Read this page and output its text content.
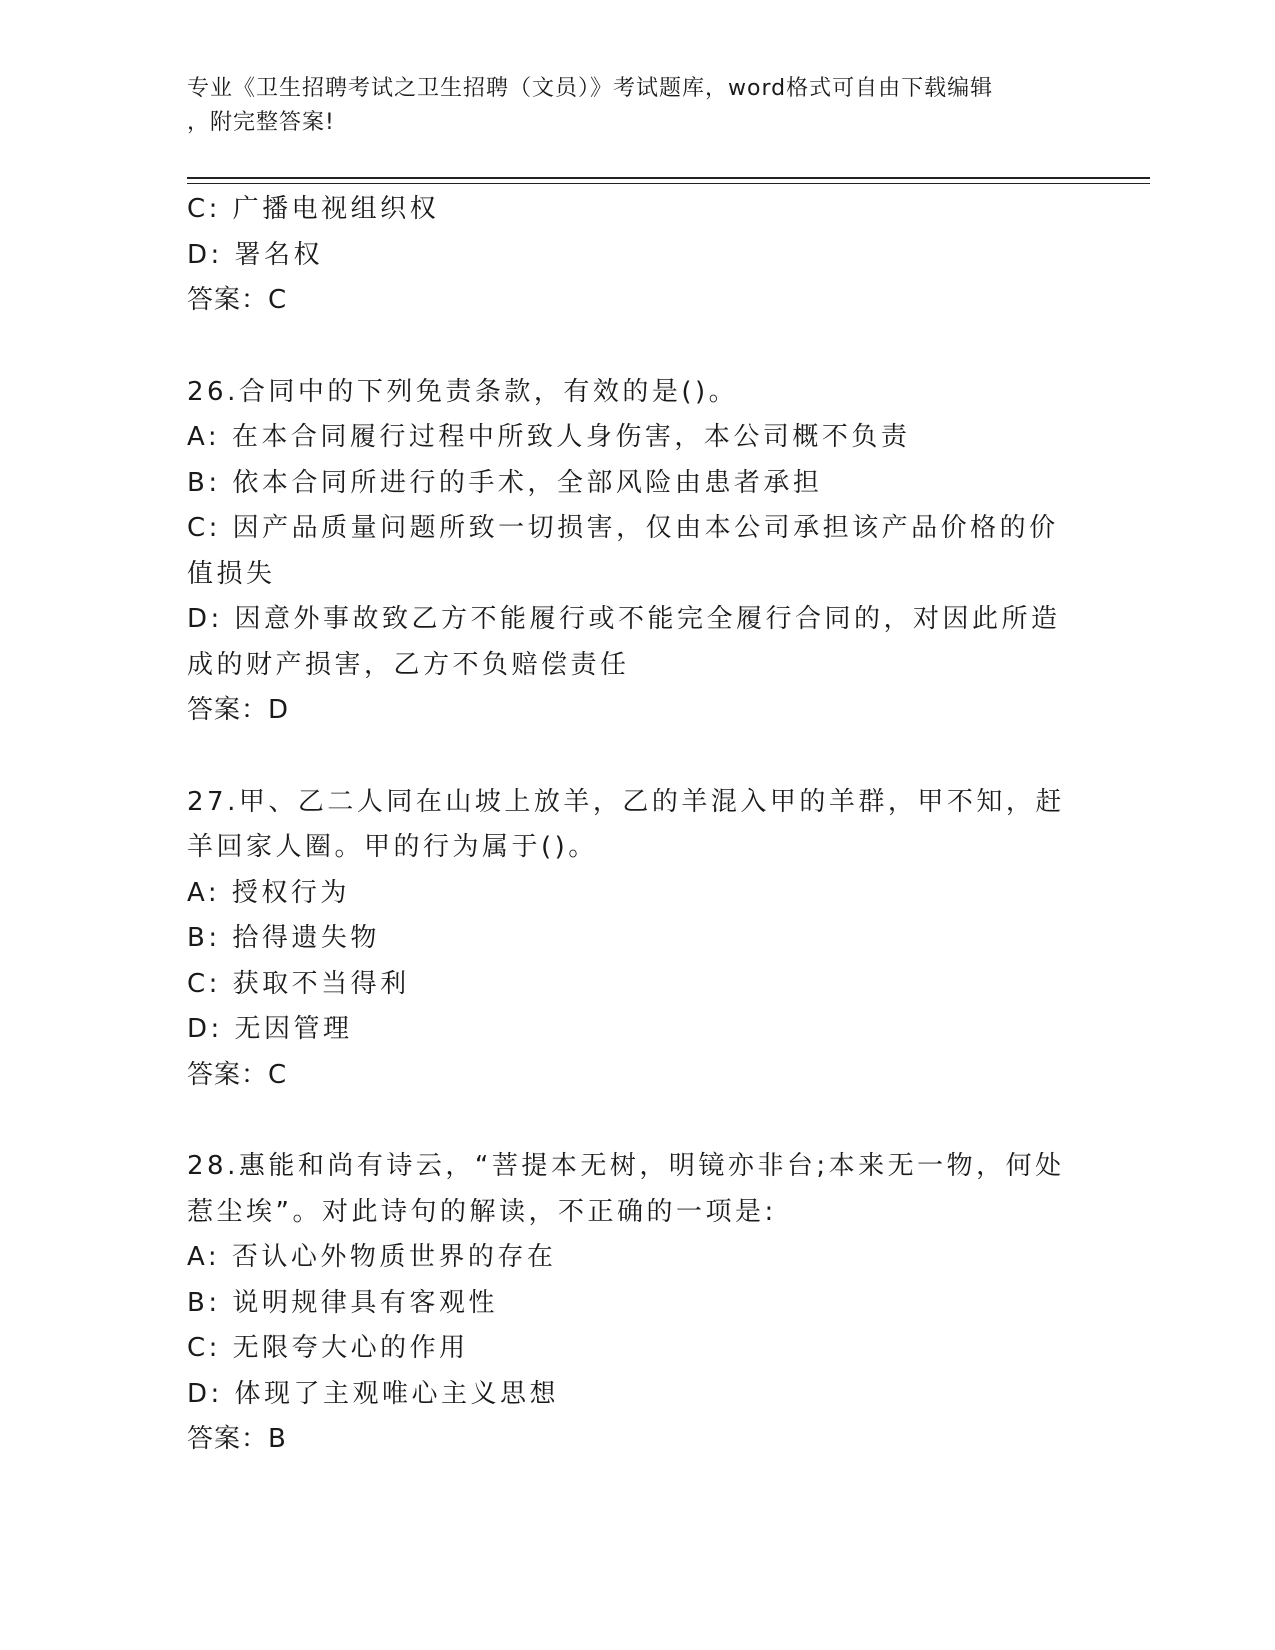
专业《卫生招聘考试之卫生招聘（文员）》考试题库，word格式可自由下载编辑
，附完整答案!
C: 广播电视组织权
D: 署名权
答案：C
26.合同中的下列免责条款，有效的是()。
A: 在本合同履行过程中所致人身伤害，本公司概不负责
B: 依本合同所进行的手术，全部风险由患者承担
C: 因产品质量问题所致一切损害，仅由本公司承担该产品价格的价值损失
D: 因意外事故致乙方不能履行或不能完全履行合同的，对因此所造成的财产损害，乙方不负赔偿责任
答案：D
27.甲、乙二人同在山坡上放羊，乙的羊混入甲的羊群，甲不知，赶羊回家人圈。甲的行为属于()。
A: 授权行为
B: 拾得遗失物
C: 获取不当得利
D: 无因管理
答案：C
28.惠能和尚有诗云，“菩提本无树，明镜亦非台;本来无一物，何处惹尘埃”。对此诗句的解读，不正确的一项是:
A: 否认心外物质世界的存在
B: 说明规律具有客观性
C: 无限夸大心的作用
D: 体现了主观唯心主义思想
答案：B
